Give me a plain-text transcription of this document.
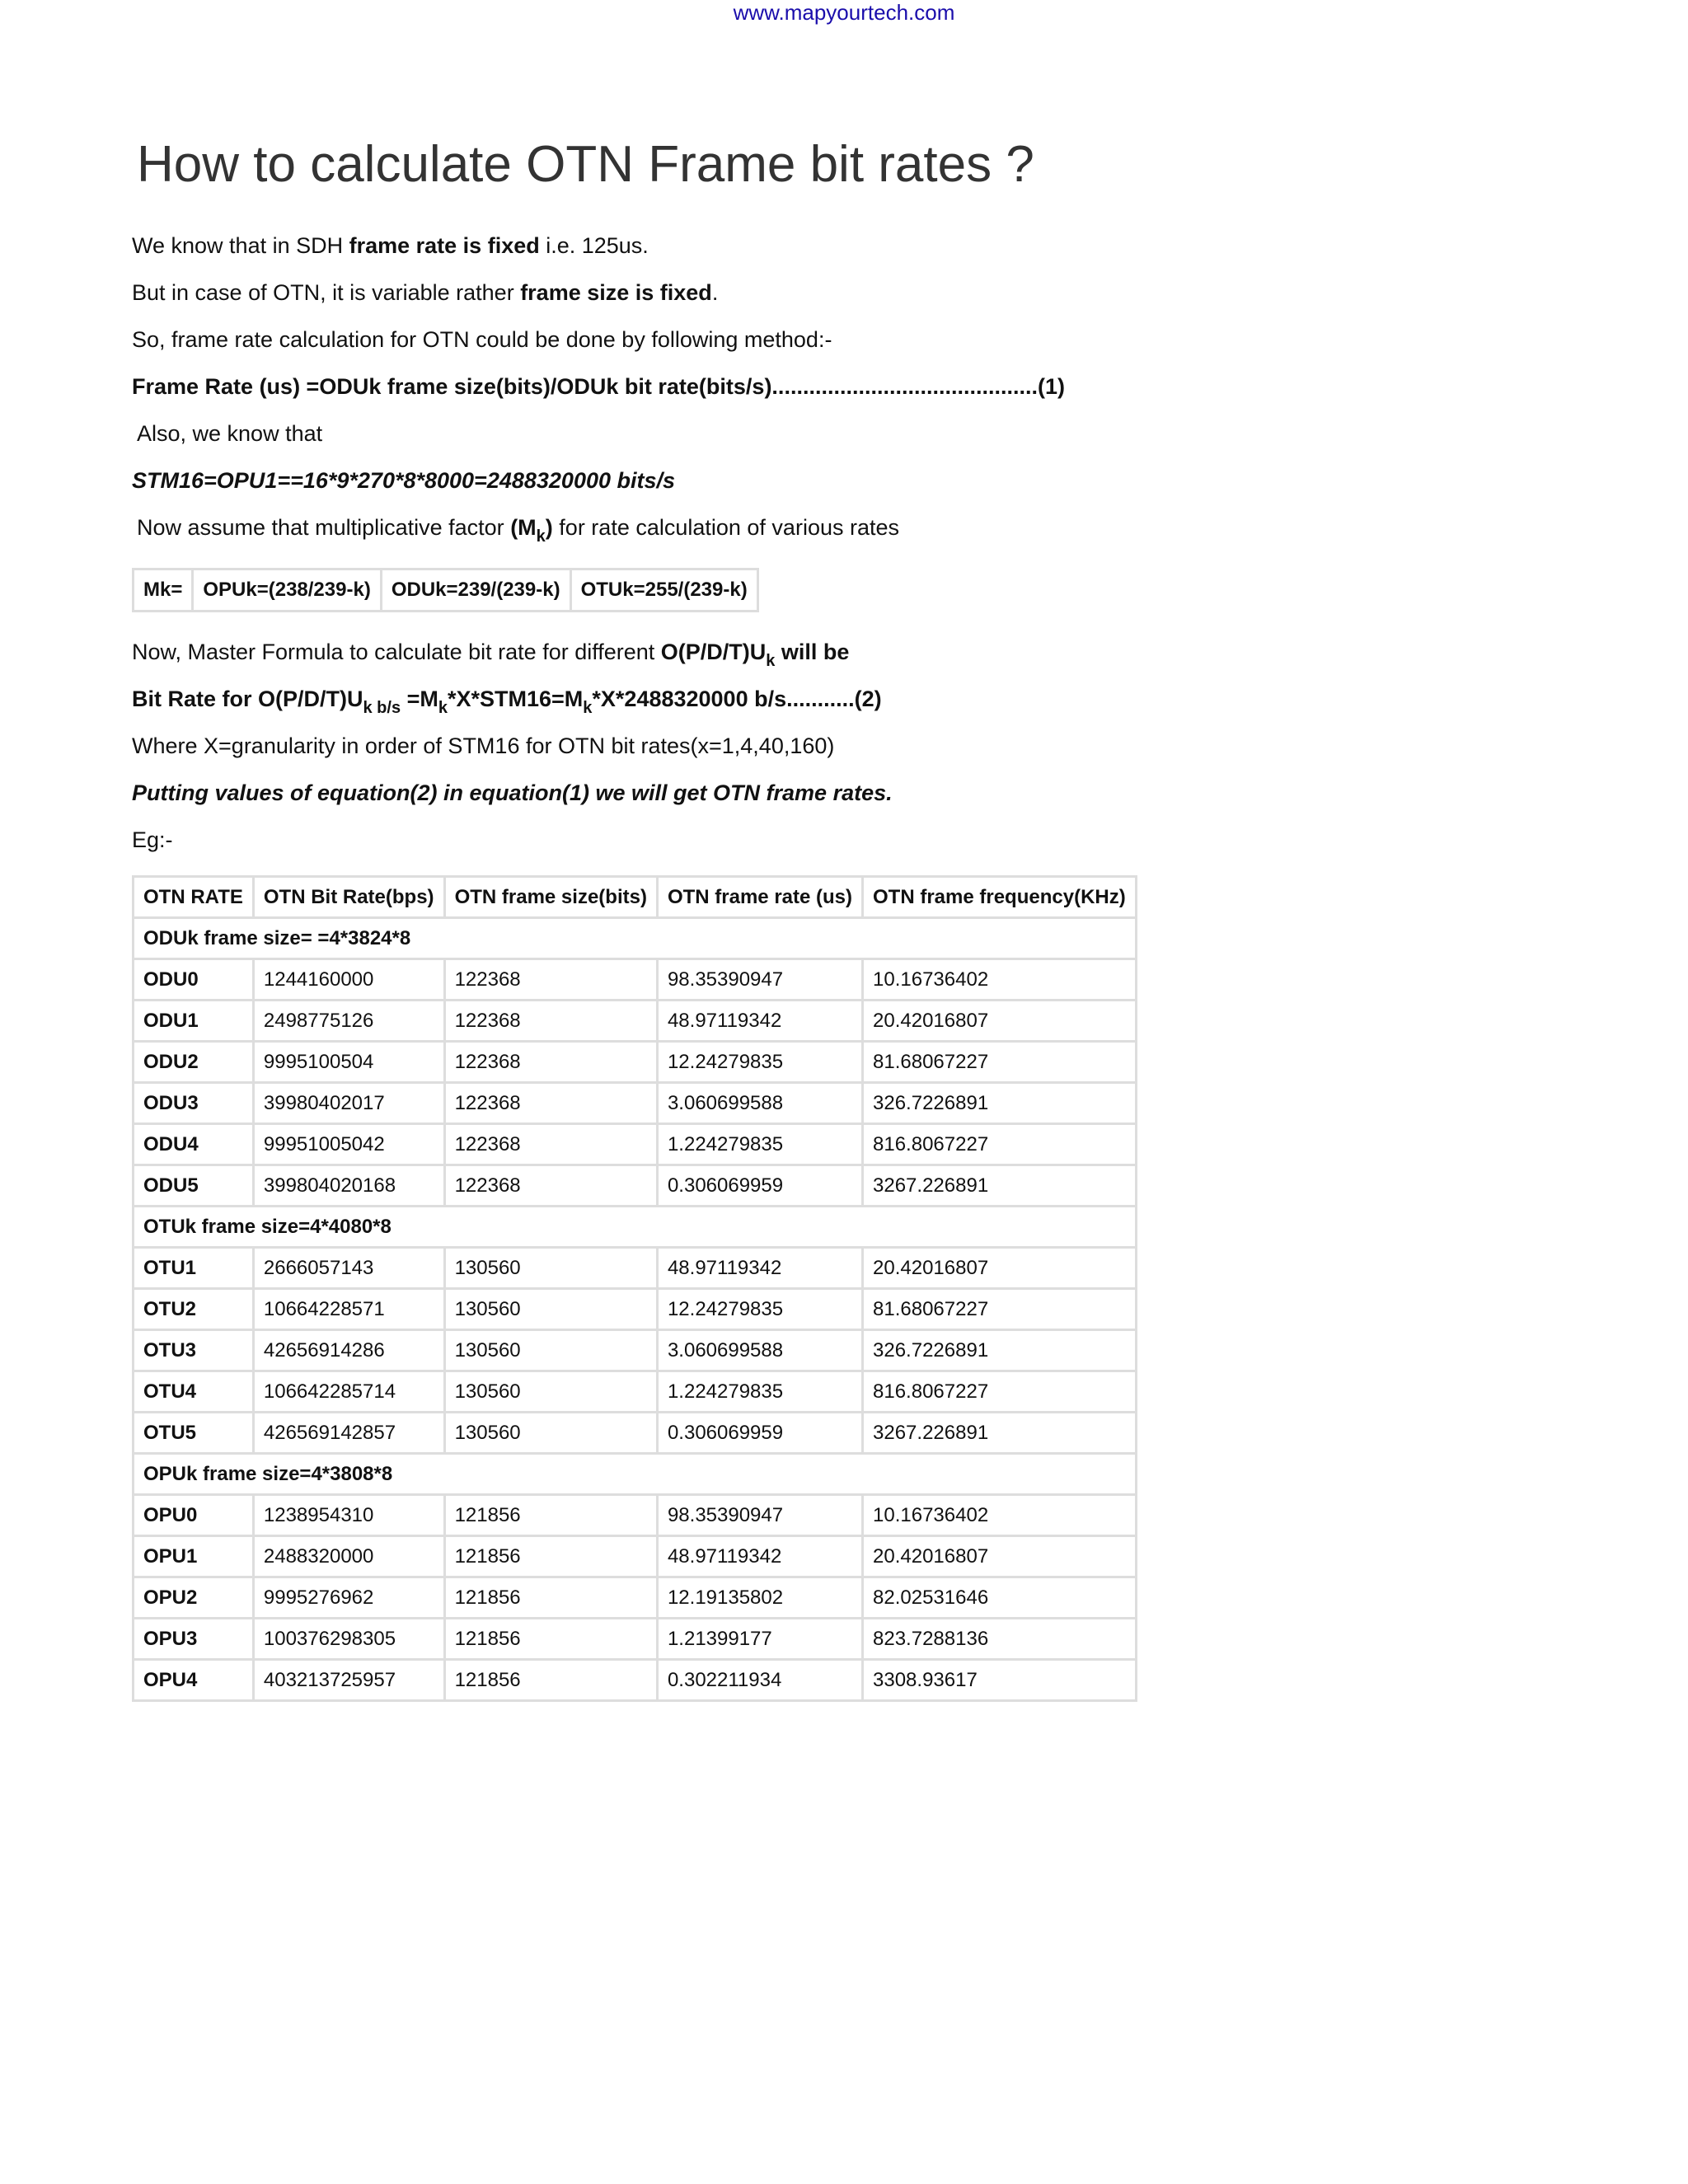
www.mapyourtech.com
How to calculate OTN Frame bit rates ?

We know that in SDH frame rate is fixed i.e. 125us.

But in case of OTN, it is variable rather frame size is fixed.

So, frame rate calculation for OTN could be done by following method:-

Frame Rate (us) =ODUk frame size(bits)/ODUk bit rate(bits/s)...........................................(1)

Also, we know that

STM16=OPU1==16*9*270*8*8000=2488320000 bits/s

Now assume that multiplicative factor $(M_k)$ for rate calculation of various rates

Mk=	OPUk=(238/239-k)	ODUk=239/(239-k)	OTUk=255/(239-k)

Now, Master Formula to calculate bit rate for different $O(P/D/T)U_k$ will be

Bit Rate for $O(P/D/T)U_{k b/s} =M_k*X*STM16=M_k*X*2488320000$ b/s...........(2)

Where X=granularity in order of STM16 for OTN bit rates(x=1,4,40,160)

Putting values of equation(2) in equation(1) we will get OTN frame rates.

Eg:-

OTN RATE	OTN Bit Rate(bps)	OTN frame size(bits)	OTN frame rate (us)	OTN frame frequency(KHz)
ODUk frame size= =4*3824*8				
ODU0	1244160000	122368	98.35390947	10.16736402
ODU1	2498775126	122368	48.97119342	20.42016807
ODU2	9995100504	122368	12.24279835	81.68067227
ODU3	39980402017	122368	3.060699588	326.7226891
ODU4	99951005042	122368	1.224279835	816.8067227
ODU5	399804020168	122368	0.306069959	3267.226891
OTUk frame size=4*4080*8				
OTU1	2666057143	130560	48.97119342	20.42016807
OTU2	10664228571	130560	12.24279835	81.68067227
OTU3	42656914286	130560	3.060699588	326.7226891
OTU4	106642285714	130560	1.224279835	816.8067227
OTU5	426569142857	130560	0.306069959	3267.226891
OPUk frame size=4*3808*8				
OPU0	1238954310	121856	98.35390947	10.16736402
OPU1	2488320000	121856	48.97119342	20.42016807
OPU2	9995276962	121856	12.19135802	82.02531646
OPU3	100376298305	121856	1.21399177	823.7288136
OPU4	403213725957	121856	0.302211934	3308.93617
